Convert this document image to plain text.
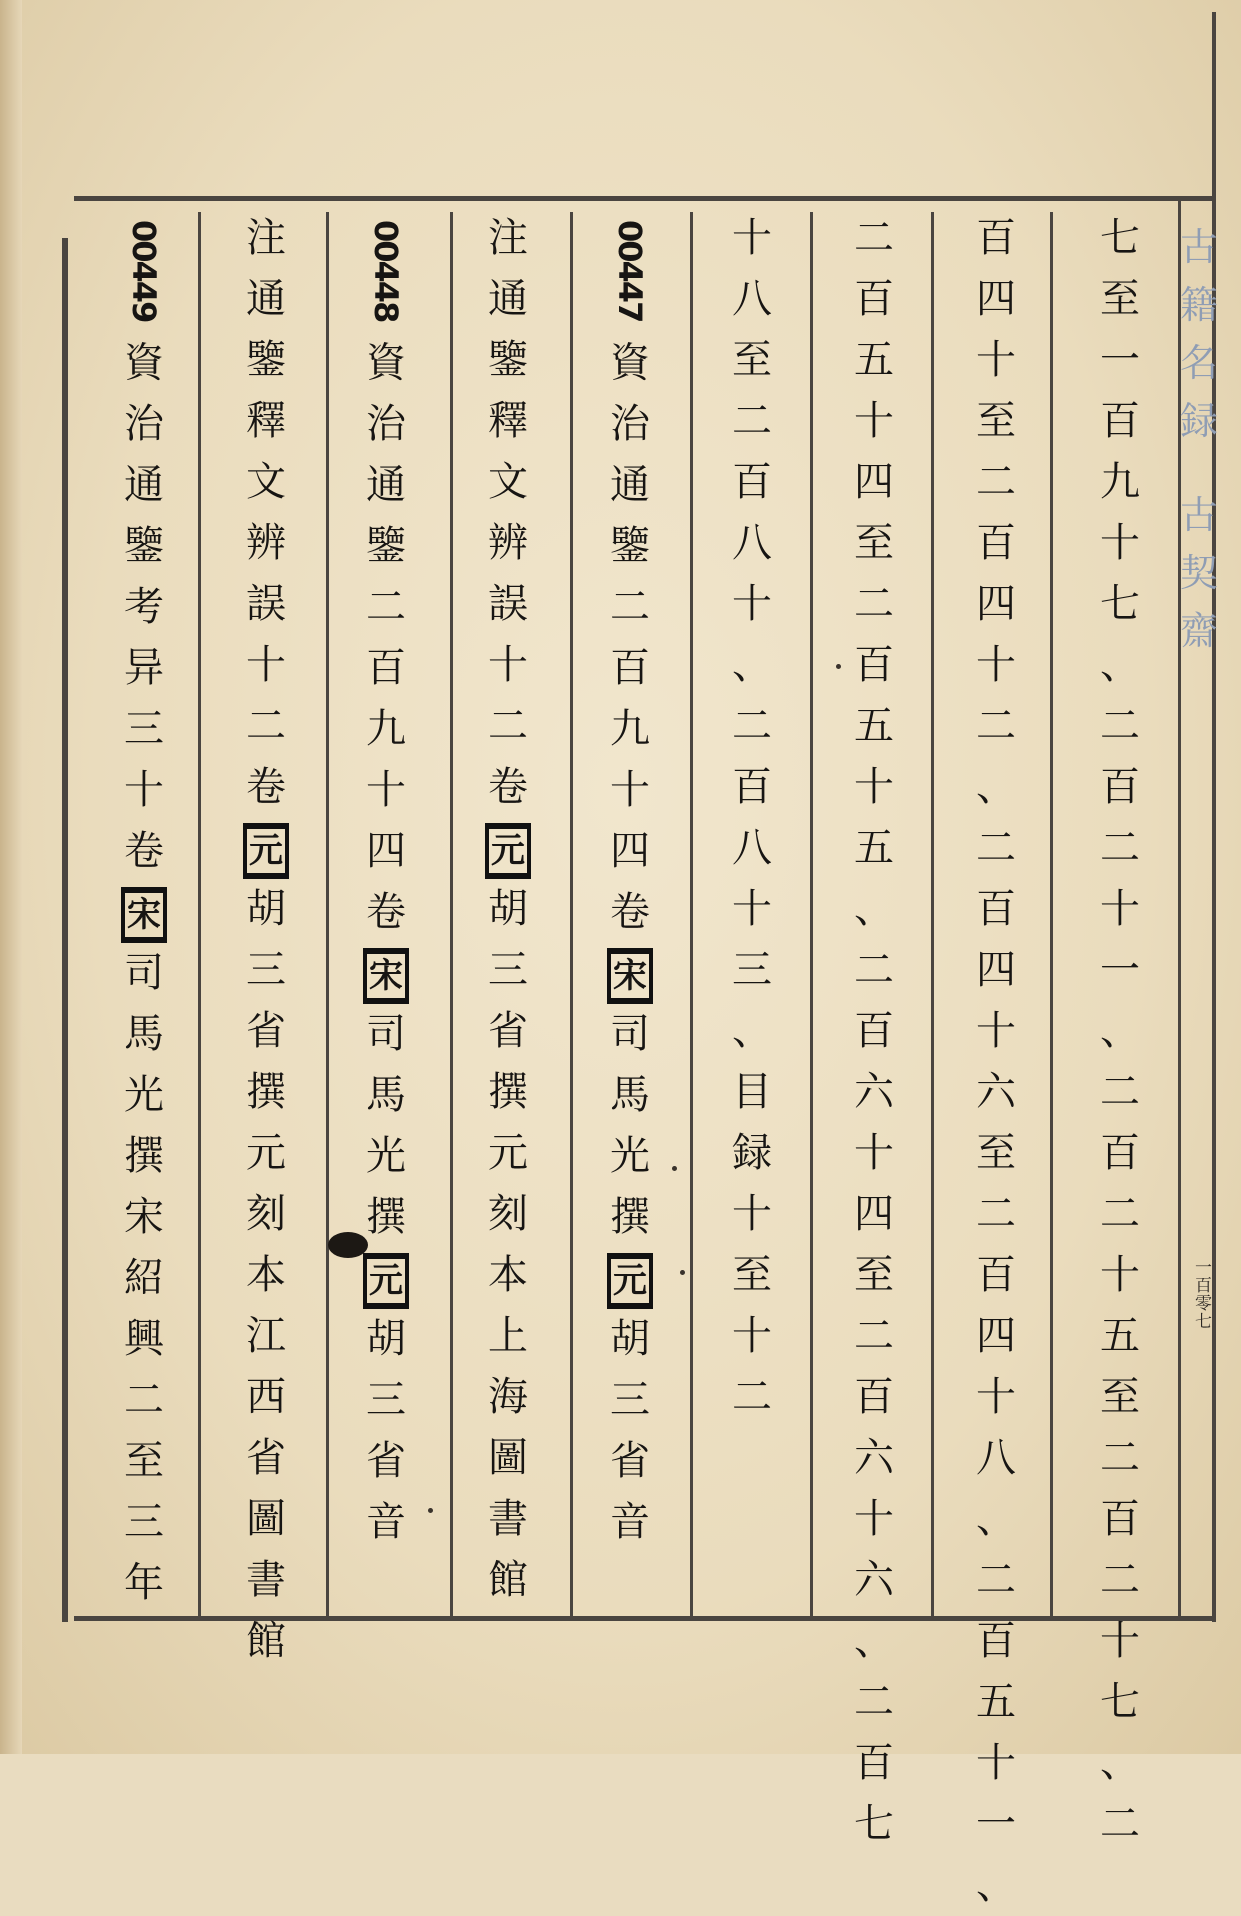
七
至
一
百
九
十
七
、
二
百
二
十
一
、
二
百
二
十
五
至
二
百
二
十
七
、
二
百
四
十
至
二
百
四
十
二
、
二
百
四
十
六
至
二
百
四
十
八
、
二
百
五
十
一
、
二
百
五
十
四
至
二
百
五
十
五
、
二
百
六
十
四
至
二
百
六
十
六
、
二
百
七
十
八
至
二
百
八
十
、
二
百
八
十
三
、
目
録
十
至
十
二
00447
資
治
通
鑒
二
百
九
十
四
卷
宋
司
馬
光
撰
元
胡
三
省
音
注
通
鑒
釋
文
辨
誤
十
二
卷
元
胡
三
省
撰
元
刻
本
上
海
圖
書
館
00448
資
治
通
鑒
二
百
九
十
四
卷
宋
司
馬
光
撰
元
胡
三
省
音
注
通
鑒
釋
文
辨
誤
十
二
卷
元
胡
三
省
撰
元
刻
本
江
西
省
圖
書
館
00449
資
治
通
鑒
考
异
三
十
卷
宋
司
馬
光
撰
宋
紹
興
二
至
三
年
古
籍
名
録
古
契
齋
一百零七
